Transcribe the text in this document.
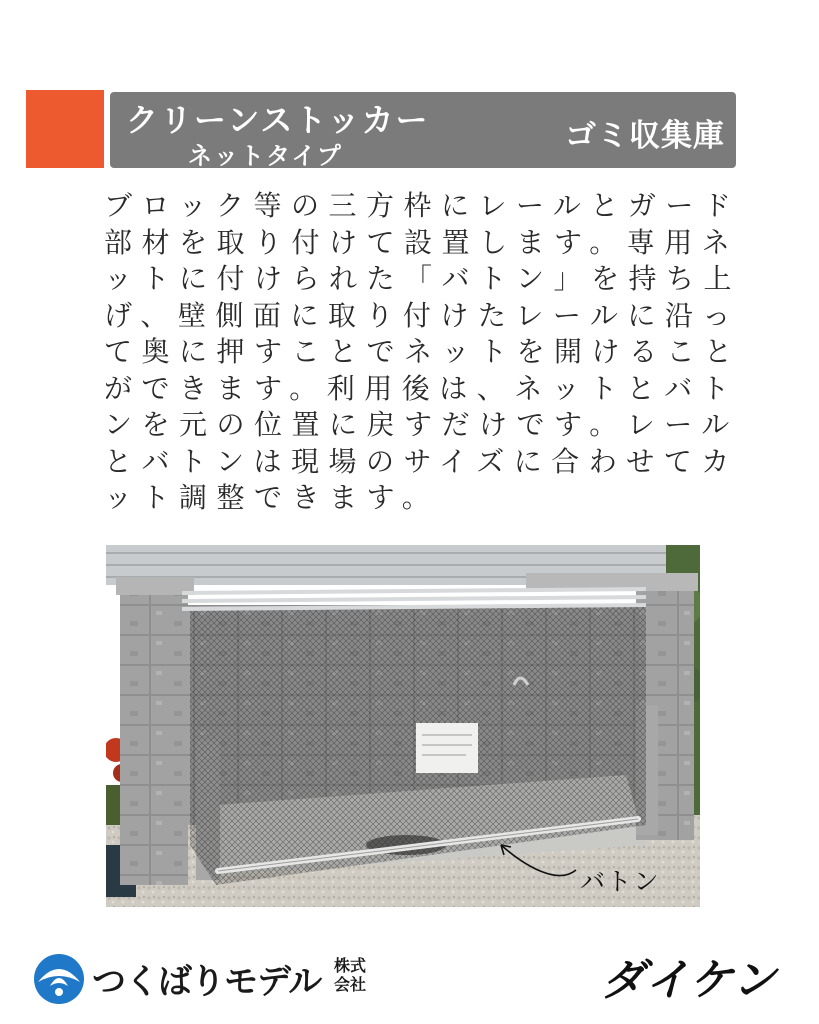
クリーンストッカー
ネットタイプ
ゴミ収集庫
ブロック等の三方枠にレールとガード
部材を取り付けて設置します。専用ネ
ットに付けられた「バトン」を持ち上
げ、壁側面に取り付けたレールに沿っ
て奥に押すことでネットを開けること
ができます。利用後は、ネットとバト
ンを元の位置に戻すだけです。レール
とバトンは現場のサイズに合わせてカ
ット調整できます。
バトン
つくばりモデル 株式
会社	ダイケン
